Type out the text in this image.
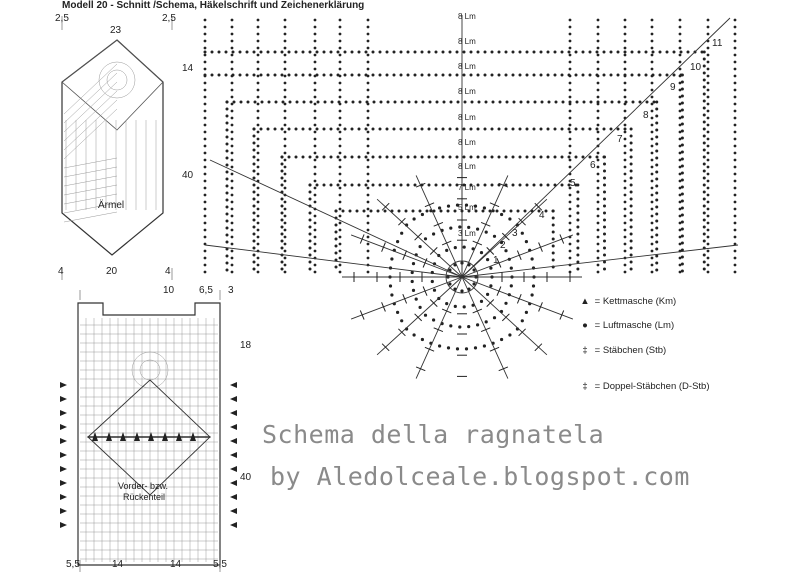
Modell 20 - Schnitt /Schema, Häkelschrift und Zeichenerklärung
2,5	2,5
23
14
40
4	20	4
Ärmel
10 6,5 3
18
40
5,5	14	14	5,5
Vorder- bzw.
Rückenteil
8 Lm
8 Lm
8 Lm
8 Lm
8 Lm
8 Lm
8 Lm
7 Lm
5 Lm
3 Lm
1
2
3
4
5
6
7
8
9
10
11
▲ = Kettmasche (Km)
● = Luftmasche (Lm)
‡ = Stäbchen (Stb)
‡ = Doppel-Stäbchen (D-Stb)
Schema della ragnatela
by Aledolceale.blogspot.com
